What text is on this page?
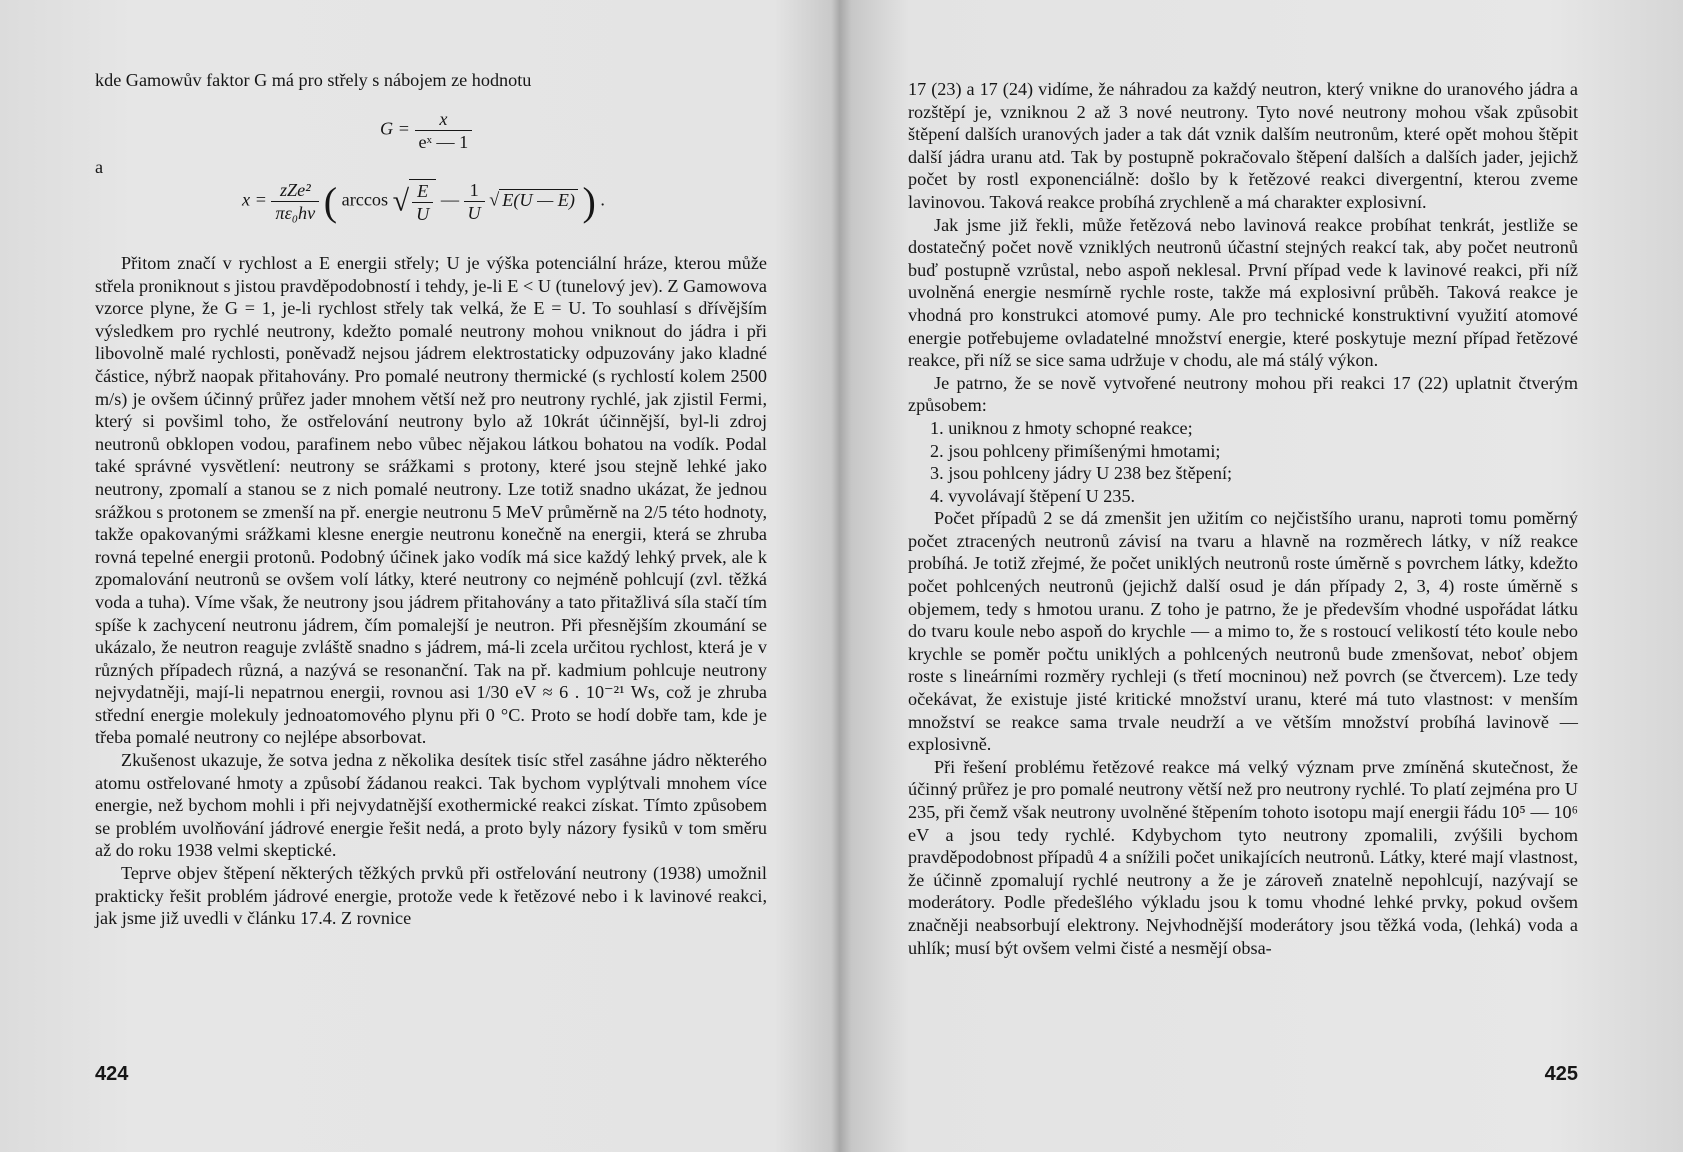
kde Gamowův faktor G má pro střely s nábojem ze hodnotu
$G = \frac{x}{\text{eˣ — 1}}$
a
$x = \frac{\text{zZe²}}{\text{πε₀hv}}$ ( arccos √ $\frac{E}{U}$ — $\frac{1}{U}$ √ E(U — E) ) .

Přitom značí v rychlost a E energii střely; U je výška potenciální hráze, kterou může střela proniknout s jistou pravděpodobností i tehdy, je-li E < U (tunelový jev). Z Gamowova vzorce plyne, že G = 1, je-li rychlost střely tak velká, že E = U. To souhlasí s dřívějším výsledkem pro rychlé neutrony, kdežto pomalé neutrony mohou vniknout do jádra i při libovolně malé rychlosti, poněvadž nejsou jádrem elektrostaticky odpuzovány jako kladné částice, nýbrž naopak přitahovány. Pro pomalé neutrony thermické (s rychlostí kolem 2500 m/s) je ovšem účinný průřez jader mnohem větší než pro neutrony rychlé, jak zjistil Fermi, který si povšiml toho, že ostřelování neutrony bylo až 10krát účinnější, byl-li zdroj neutronů obklopen vodou, parafinem nebo vůbec nějakou látkou bohatou na vodík. Podal také správné vysvětlení: neutrony se srážkami s protony, které jsou stejně lehké jako neutrony, zpomalí a stanou se z nich pomalé neutrony. Lze totiž snadno ukázat, že jednou srážkou s protonem se zmenší na př. energie neutronu 5 MeV průměrně na 2/5 této hodnoty, takže opakovanými srážkami klesne energie neutronu konečně na energii, která se zhruba rovná tepelné energii protonů. Podobný účinek jako vodík má sice každý lehký prvek, ale k zpomalování neutronů se ovšem volí látky, které neutrony co nejméně pohlcují (zvl. těžká voda a tuha). Víme však, že neutrony jsou jádrem přitahovány a tato přitažlivá síla stačí tím spíše k zachycení neutronu jádrem, čím pomalejší je neutron. Při přesnějším zkoumání se ukázalo, že neutron reaguje zvláště snadno s jádrem, má-li zcela určitou rychlost, která je v různých případech různá, a nazývá se resonanční. Tak na př. kadmium pohlcuje neutrony nejvydatněji, mají-li nepatrnou energii, rovnou asi 1/30 eV ≈ 6 . 10⁻²¹ Ws, což je zhruba střední energie molekuly jednoatomového plynu při 0 °C. Proto se hodí dobře tam, kde je třeba pomalé neutrony co nejlépe absorbovat.

Zkušenost ukazuje, že sotva jedna z několika desítek tisíc střel zasáhne jádro některého atomu ostřelované hmoty a způsobí žádanou reakci. Tak bychom vyplýtvali mnohem více energie, než bychom mohli i při nejvydatnější exothermické reakci získat. Tímto způsobem se problém uvolňování jádrové energie řešit nedá, a proto byly názory fysiků v tom směru až do roku 1938 velmi skeptické.

Teprve objev štěpení některých těžkých prvků při ostřelování neutrony (1938) umožnil prakticky řešit problém jádrové energie, protože vede k řetězové nebo i k lavinové reakci, jak jsme již uvedli v článku 17.4. Z rovnice

424

17 (23) a 17 (24) vidíme, že náhradou za každý neutron, který vnikne do uranového jádra a rozštěpí je, vzniknou 2 až 3 nové neutrony. Tyto nové neutrony mohou však způsobit štěpení dalších uranových jader a tak dát vznik dalším neutronům, které opět mohou štěpit další jádra uranu atd. Tak by postupně pokračovalo štěpení dalších a dalších jader, jejichž počet by rostl exponenciálně: došlo by k řetězové reakci divergentní, kterou zveme lavinovou. Taková reakce probíhá zrychleně a má charakter explosivní.

Jak jsme již řekli, může řetězová nebo lavinová reakce probíhat tenkrát, jestliže se dostatečný počet nově vzniklých neutronů účastní stejných reakcí tak, aby počet neutronů buď postupně vzrůstal, nebo aspoň neklesal. První případ vede k lavinové reakci, při níž uvolněná energie nesmírně rychle roste, takže má explosivní průběh. Taková reakce je vhodná pro konstrukci atomové pumy. Ale pro technické konstruktivní využití atomové energie potřebujeme ovladatelné množství energie, které poskytuje mezní případ řetězové reakce, při níž se sice sama udržuje v chodu, ale má stálý výkon.

Je patrno, že se nově vytvořené neutrony mohou při reakci 17 (22) uplatnit čtverým způsobem:

1. uniknou z hmoty schopné reakce;

2. jsou pohlceny přimíšenými hmotami;

3. jsou pohlceny jádry U 238 bez štěpení;

4. vyvolávají štěpení U 235.

Počet případů 2 se dá zmenšit jen užitím co nejčistšího uranu, naproti tomu poměrný počet ztracených neutronů závisí na tvaru a hlavně na rozměrech látky, v níž reakce probíhá. Je totiž zřejmé, že počet uniklých neutronů roste úměrně s povrchem látky, kdežto počet pohlcených neutronů (jejichž další osud je dán případy 2, 3, 4) roste úměrně s objemem, tedy s hmotou uranu. Z toho je patrno, že je především vhodné uspořádat látku do tvaru koule nebo aspoň do krychle — a mimo to, že s rostoucí velikostí této koule nebo krychle se poměr počtu uniklých a pohlcených neutronů bude zmenšovat, neboť objem roste s lineárními rozměry rychleji (s třetí mocninou) než povrch (se čtvercem). Lze tedy očekávat, že existuje jisté kritické množství uranu, které má tuto vlastnost: v menším množství se reakce sama trvale neudrží a ve větším množství probíhá lavinově — explosivně.

Při řešení problému řetězové reakce má velký význam prve zmíněná skutečnost, že účinný průřez je pro pomalé neutrony větší než pro neutrony rychlé. To platí zejména pro U 235, při čemž však neutrony uvolněné štěpením tohoto isotopu mají energii řádu 10⁵ — 10⁶ eV a jsou tedy rychlé. Kdybychom tyto neutrony zpomalili, zvýšili bychom pravděpodobnost případů 4 a snížili počet unikajících neutronů. Látky, které mají vlastnost, že účinně zpomalují rychlé neutrony a že je zároveň znatelně nepohlcují, nazývají se moderátory. Podle předešlého výkladu jsou k tomu vhodné lehké prvky, pokud ovšem značněji neabsorbují elektrony. Nejvhodnější moderátory jsou těžká voda, (lehká) voda a uhlík; musí být ovšem velmi čisté a nesmějí obsa-

425
